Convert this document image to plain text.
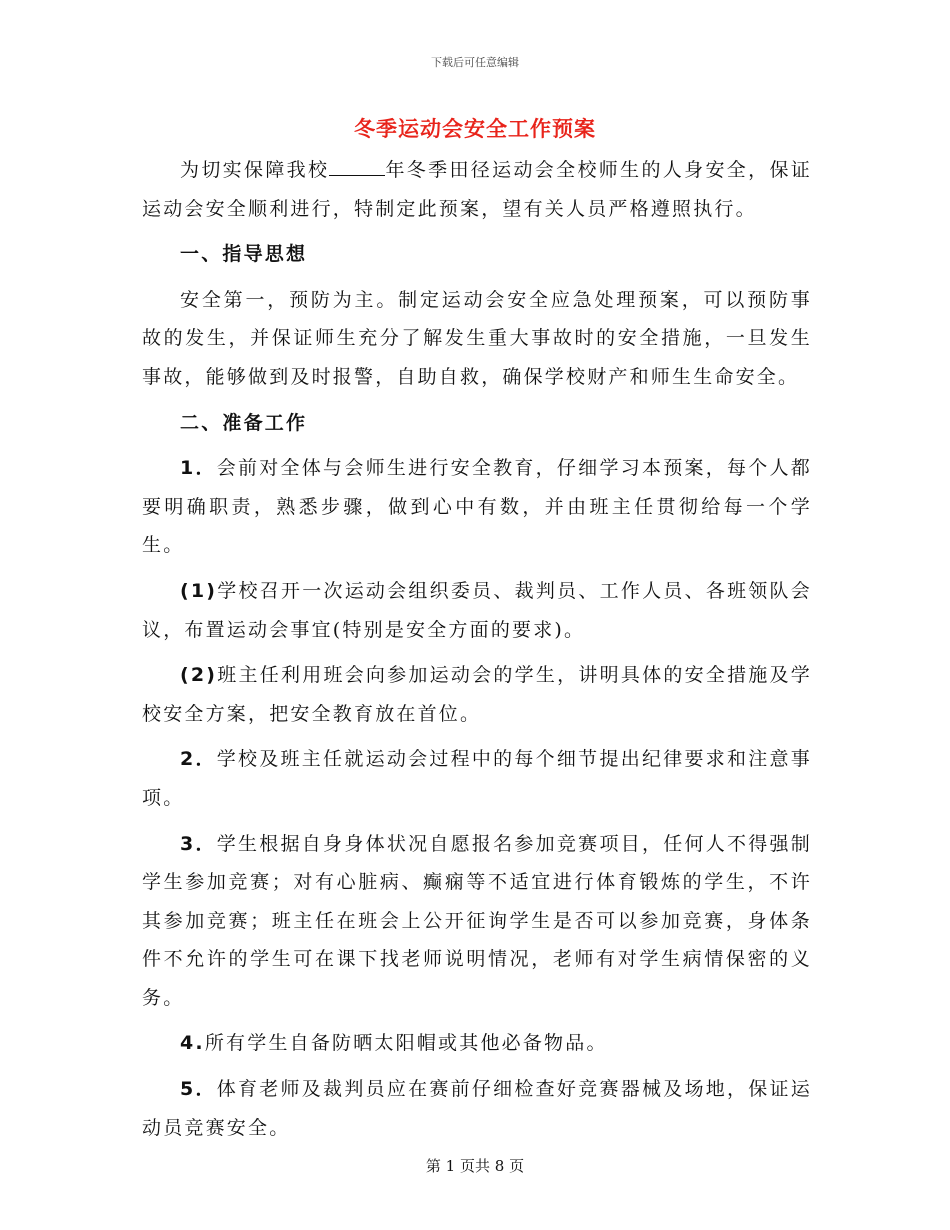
下载后可任意编辑
冬季运动会安全工作预案

为切实保障我校	年冬季田径运动会全校师生的人身安全，保证运动会安全顺利进行，特制定此预案，望有关人员严格遵照执行。

一、指导思想

安全第一，预防为主。制定运动会安全应急处理预案，可以预防事故的发生，并保证师生充分了解发生重大事故时的安全措施，一旦发生事故，能够做到及时报警，自助自救，确保学校财产和师生生命安全。

二、准备工作

1．会前对全体与会师生进行安全教育，仔细学习本预案，每个人都要明确职责，熟悉步骤，做到心中有数，并由班主任贯彻给每一个学生。

(1)学校召开一次运动会组织委员、裁判员、工作人员、各班领队会议，布置运动会事宜(特别是安全方面的要求)。

(2)班主任利用班会向参加运动会的学生，讲明具体的安全措施及学校安全方案，把安全教育放在首位。

2．学校及班主任就运动会过程中的每个细节提出纪律要求和注意事项。

3．学生根据自身身体状况自愿报名参加竞赛项目，任何人不得强制学生参加竞赛；对有心脏病、癫痫等不适宜进行体育锻炼的学生，不许其参加竞赛；班主任在班会上公开征询学生是否可以参加竞赛，身体条件不允许的学生可在课下找老师说明情况，老师有对学生病情保密的义务。

4.所有学生自备防晒太阳帽或其他必备物品。

5．体育老师及裁判员应在赛前仔细检查好竞赛器械及场地，保证运动员竞赛安全。

第 1 页共 8 页
